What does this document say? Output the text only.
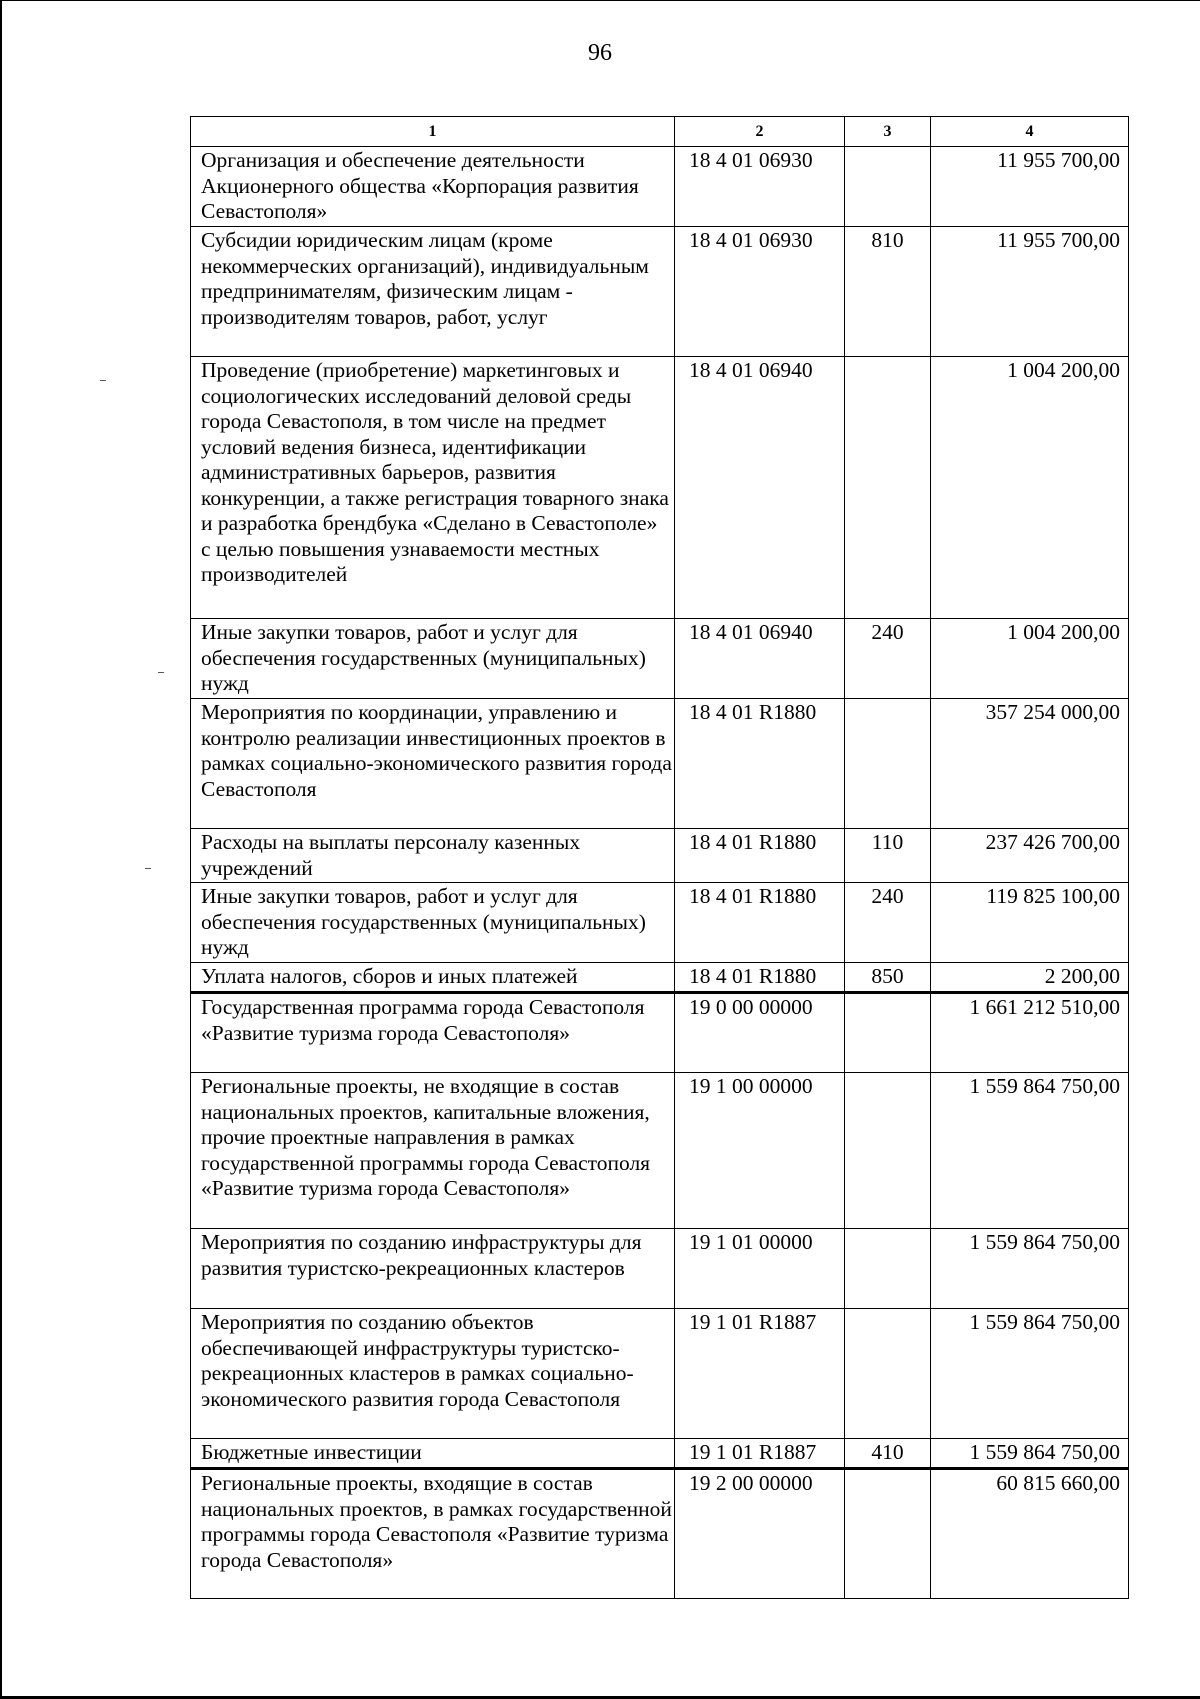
96
1	2	3	4
Организация и обеспечение деятельности Акционерного общества «Корпорация развития Севастополя»	18 4 01 06930		11 955 700,00
Субсидии юридическим лицам (кроме некоммерческих организаций), индивидуальным предпринимателям, физическим лицам - производителям товаров, работ, услуг	18 4 01 06930	810	11 955 700,00
Проведение (приобретение) маркетинговых и социологических исследований деловой среды города Севастополя, в том числе на предмет условий ведения бизнеса, идентификации административных барьеров, развития конкуренции, а также регистрация товарного знака и разработка брендбука «Сделано в Севастополе» с целью повышения узнаваемости местных производителей	18 4 01 06940		1 004 200,00
Иные закупки товаров, работ и услуг для обеспечения государственных (муниципальных) нужд	18 4 01 06940	240	1 004 200,00
Мероприятия по координации, управлению и контролю реализации инвестиционных проектов в рамках социально-экономического развития города Севастополя	18 4 01 R1880		357 254 000,00
Расходы на выплаты персоналу казенных учреждений	18 4 01 R1880	110	237 426 700,00
Иные закупки товаров, работ и услуг для обеспечения государственных (муниципальных) нужд	18 4 01 R1880	240	119 825 100,00
Уплата налогов, сборов и иных платежей	18 4 01 R1880	850	2 200,00
Государственная программа города Севастополя «Развитие туризма города Севастополя»	19 0 00 00000		1 661 212 510,00
Региональные проекты, не входящие в состав национальных проектов, капитальные вложения, прочие проектные направления в рамках государственной программы города Севастополя «Развитие туризма города Севастополя»	19 1 00 00000		1 559 864 750,00
Мероприятия по созданию инфраструктуры для развития туристско-рекреационных кластеров	19 1 01 00000		1 559 864 750,00
Мероприятия по созданию объектов обеспечивающей инфраструктуры туристско-рекреационных кластеров в рамках социально-экономического развития города Севастополя	19 1 01 R1887		1 559 864 750,00
Бюджетные инвестиции	19 1 01 R1887	410	1 559 864 750,00
Региональные проекты, входящие в состав национальных проектов, в рамках государственной программы города Севастополя «Развитие туризма города Севастополя»	19 2 00 00000		60 815 660,00
